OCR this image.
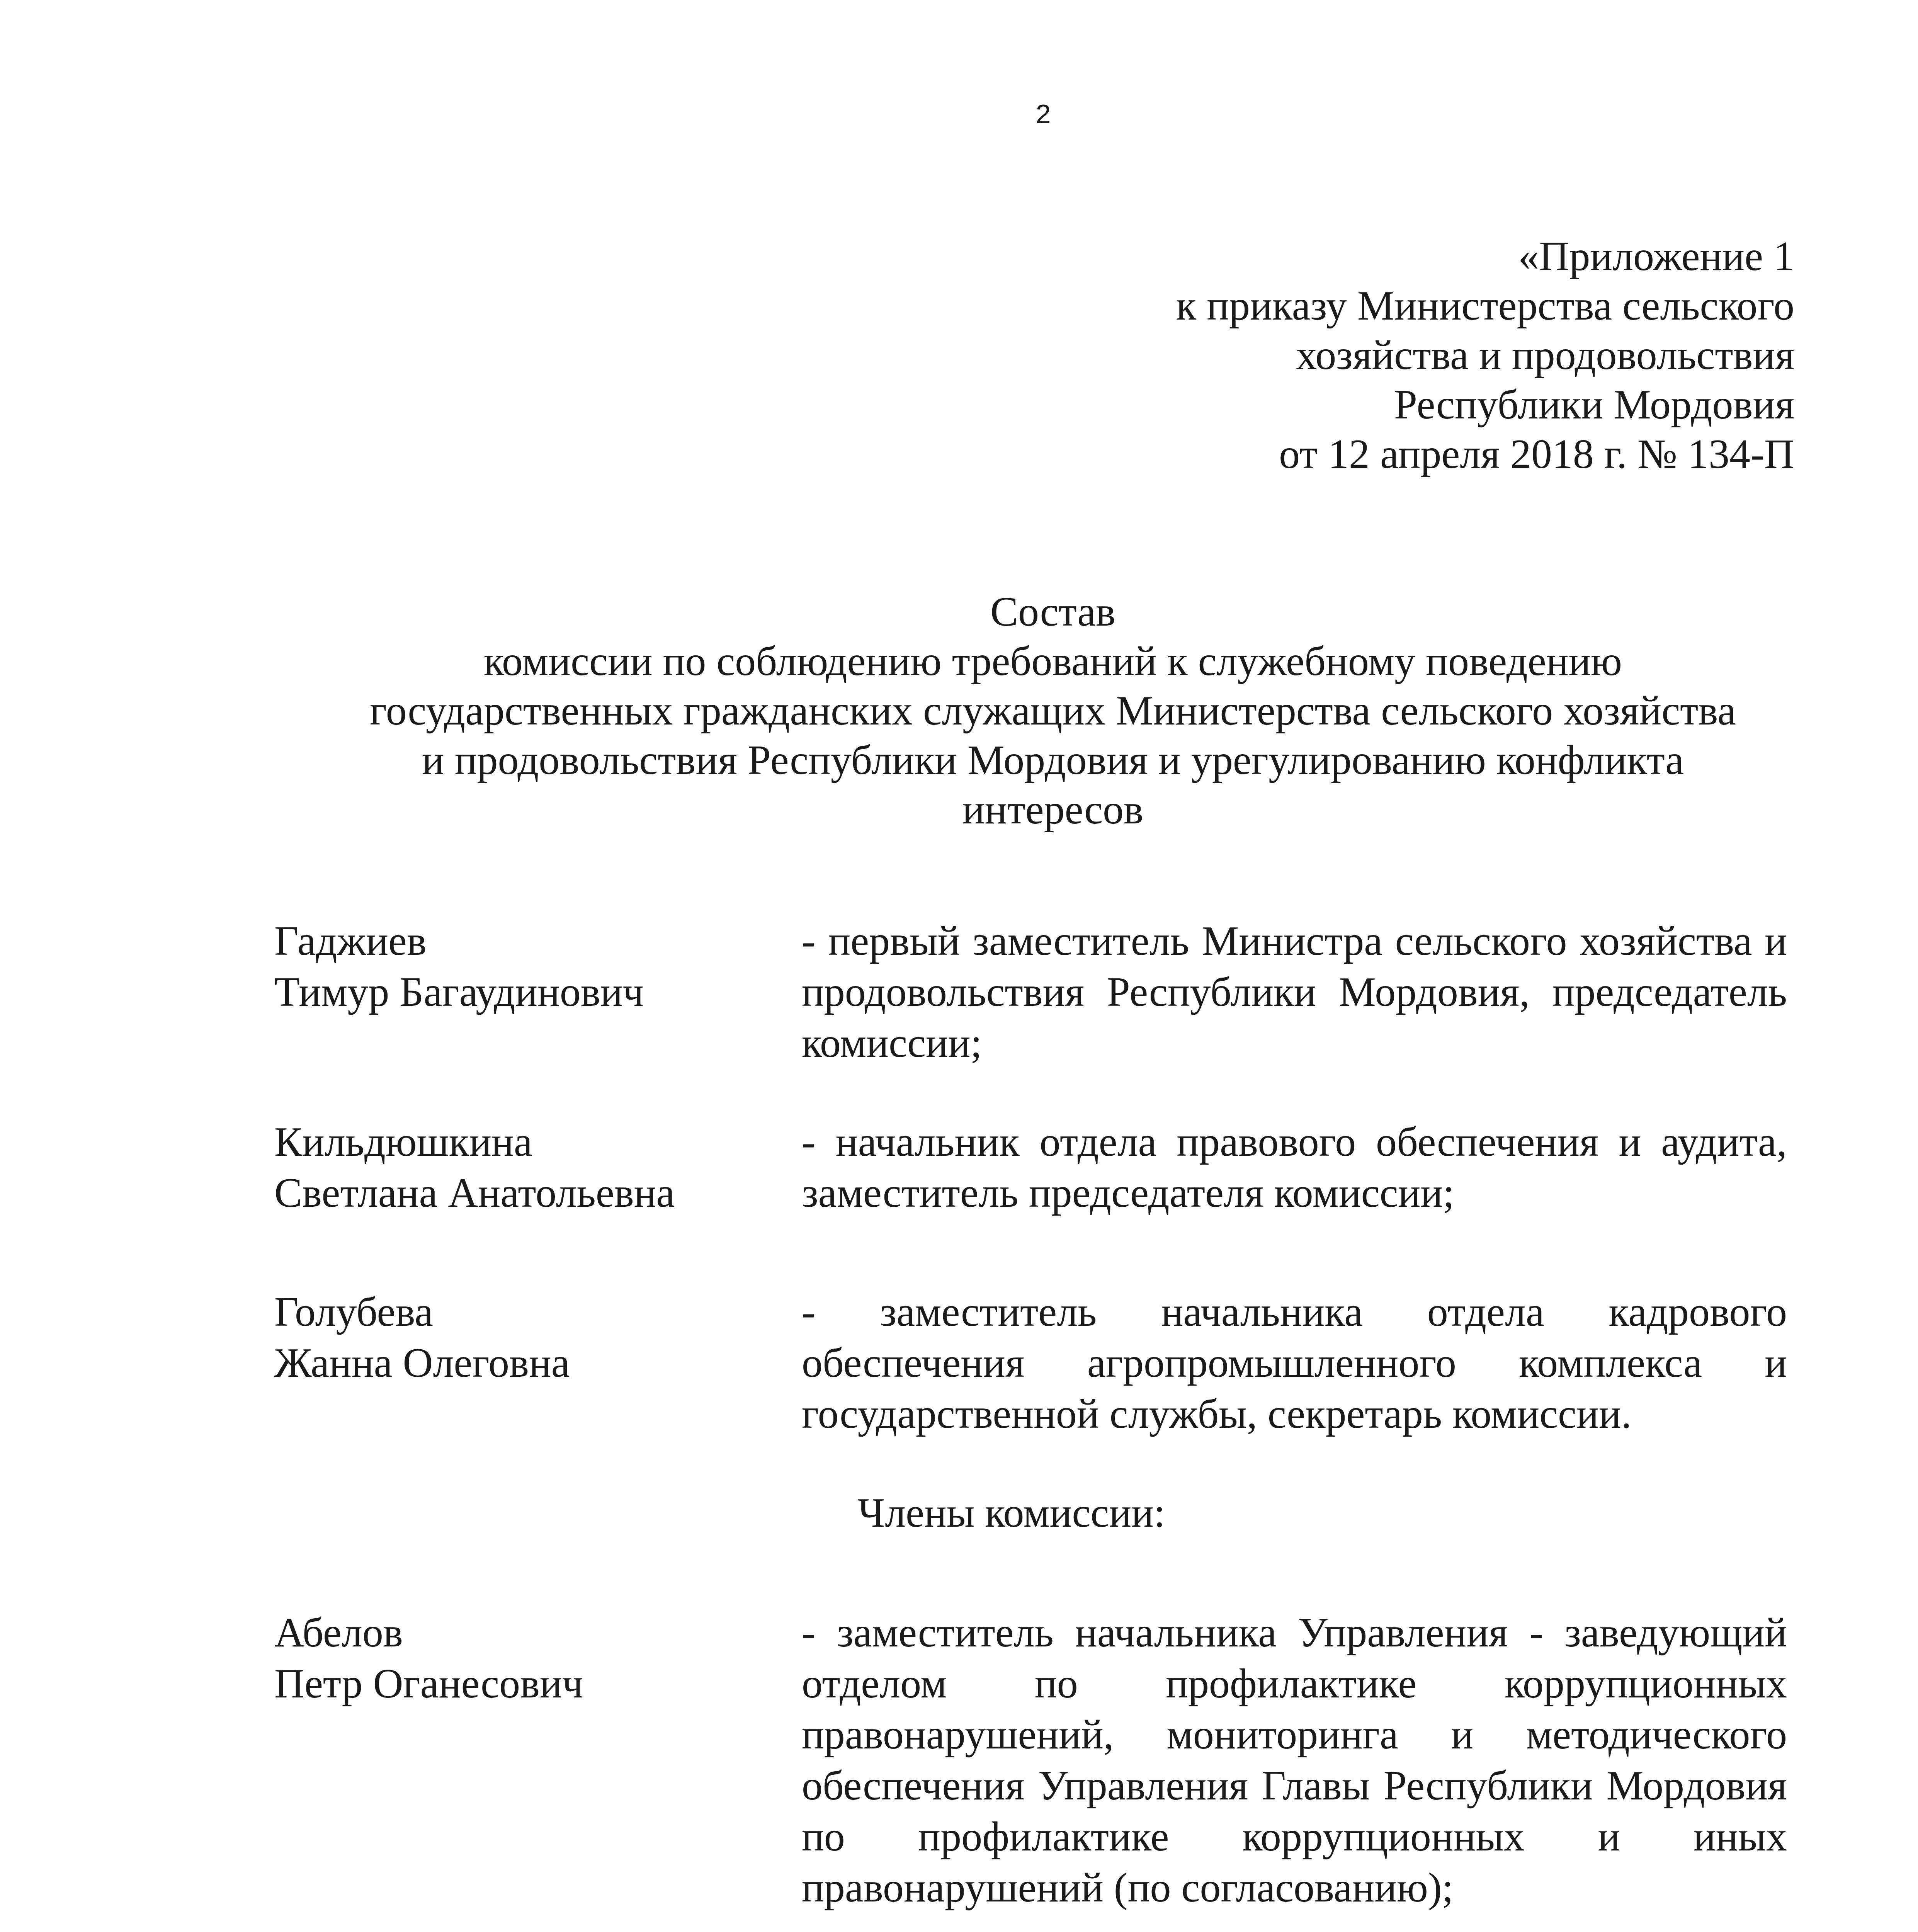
2
«Приложение 1
к приказу Министерства сельского
хозяйства и продовольствия
Республики Мордовия
от 12 апреля 2018 г. № 134-П
Состав
комиссии по соблюдению требований к служебному поведению
государственных гражданских служащих Министерства сельского хозяйства
и продовольствия Республики Мордовия и урегулированию конфликта
интересов
Гаджиев
Тимур Багаудинович
- первый заместитель Министра сельского хозяйства и продовольствия Республики Мордовия, председатель комиссии;
Кильдюшкина
Светлана Анатольевна
- начальник отдела правового обеспечения и аудита, заместитель председателя комиссии;
Голубева
Жанна Олеговна
- заместитель начальника отдела кадрового обеспечения агропромышленного комплекса и государственной службы, секретарь комиссии.
Члены комиссии:
Абелов
Петр Оганесович
- заместитель начальника Управления - заведующий отделом по профилактике коррупционных правонарушений, мониторинга и методического обеспечения Управления Главы Республики Мордовия по профилактике коррупционных и иных правонарушений (по согласованию);
